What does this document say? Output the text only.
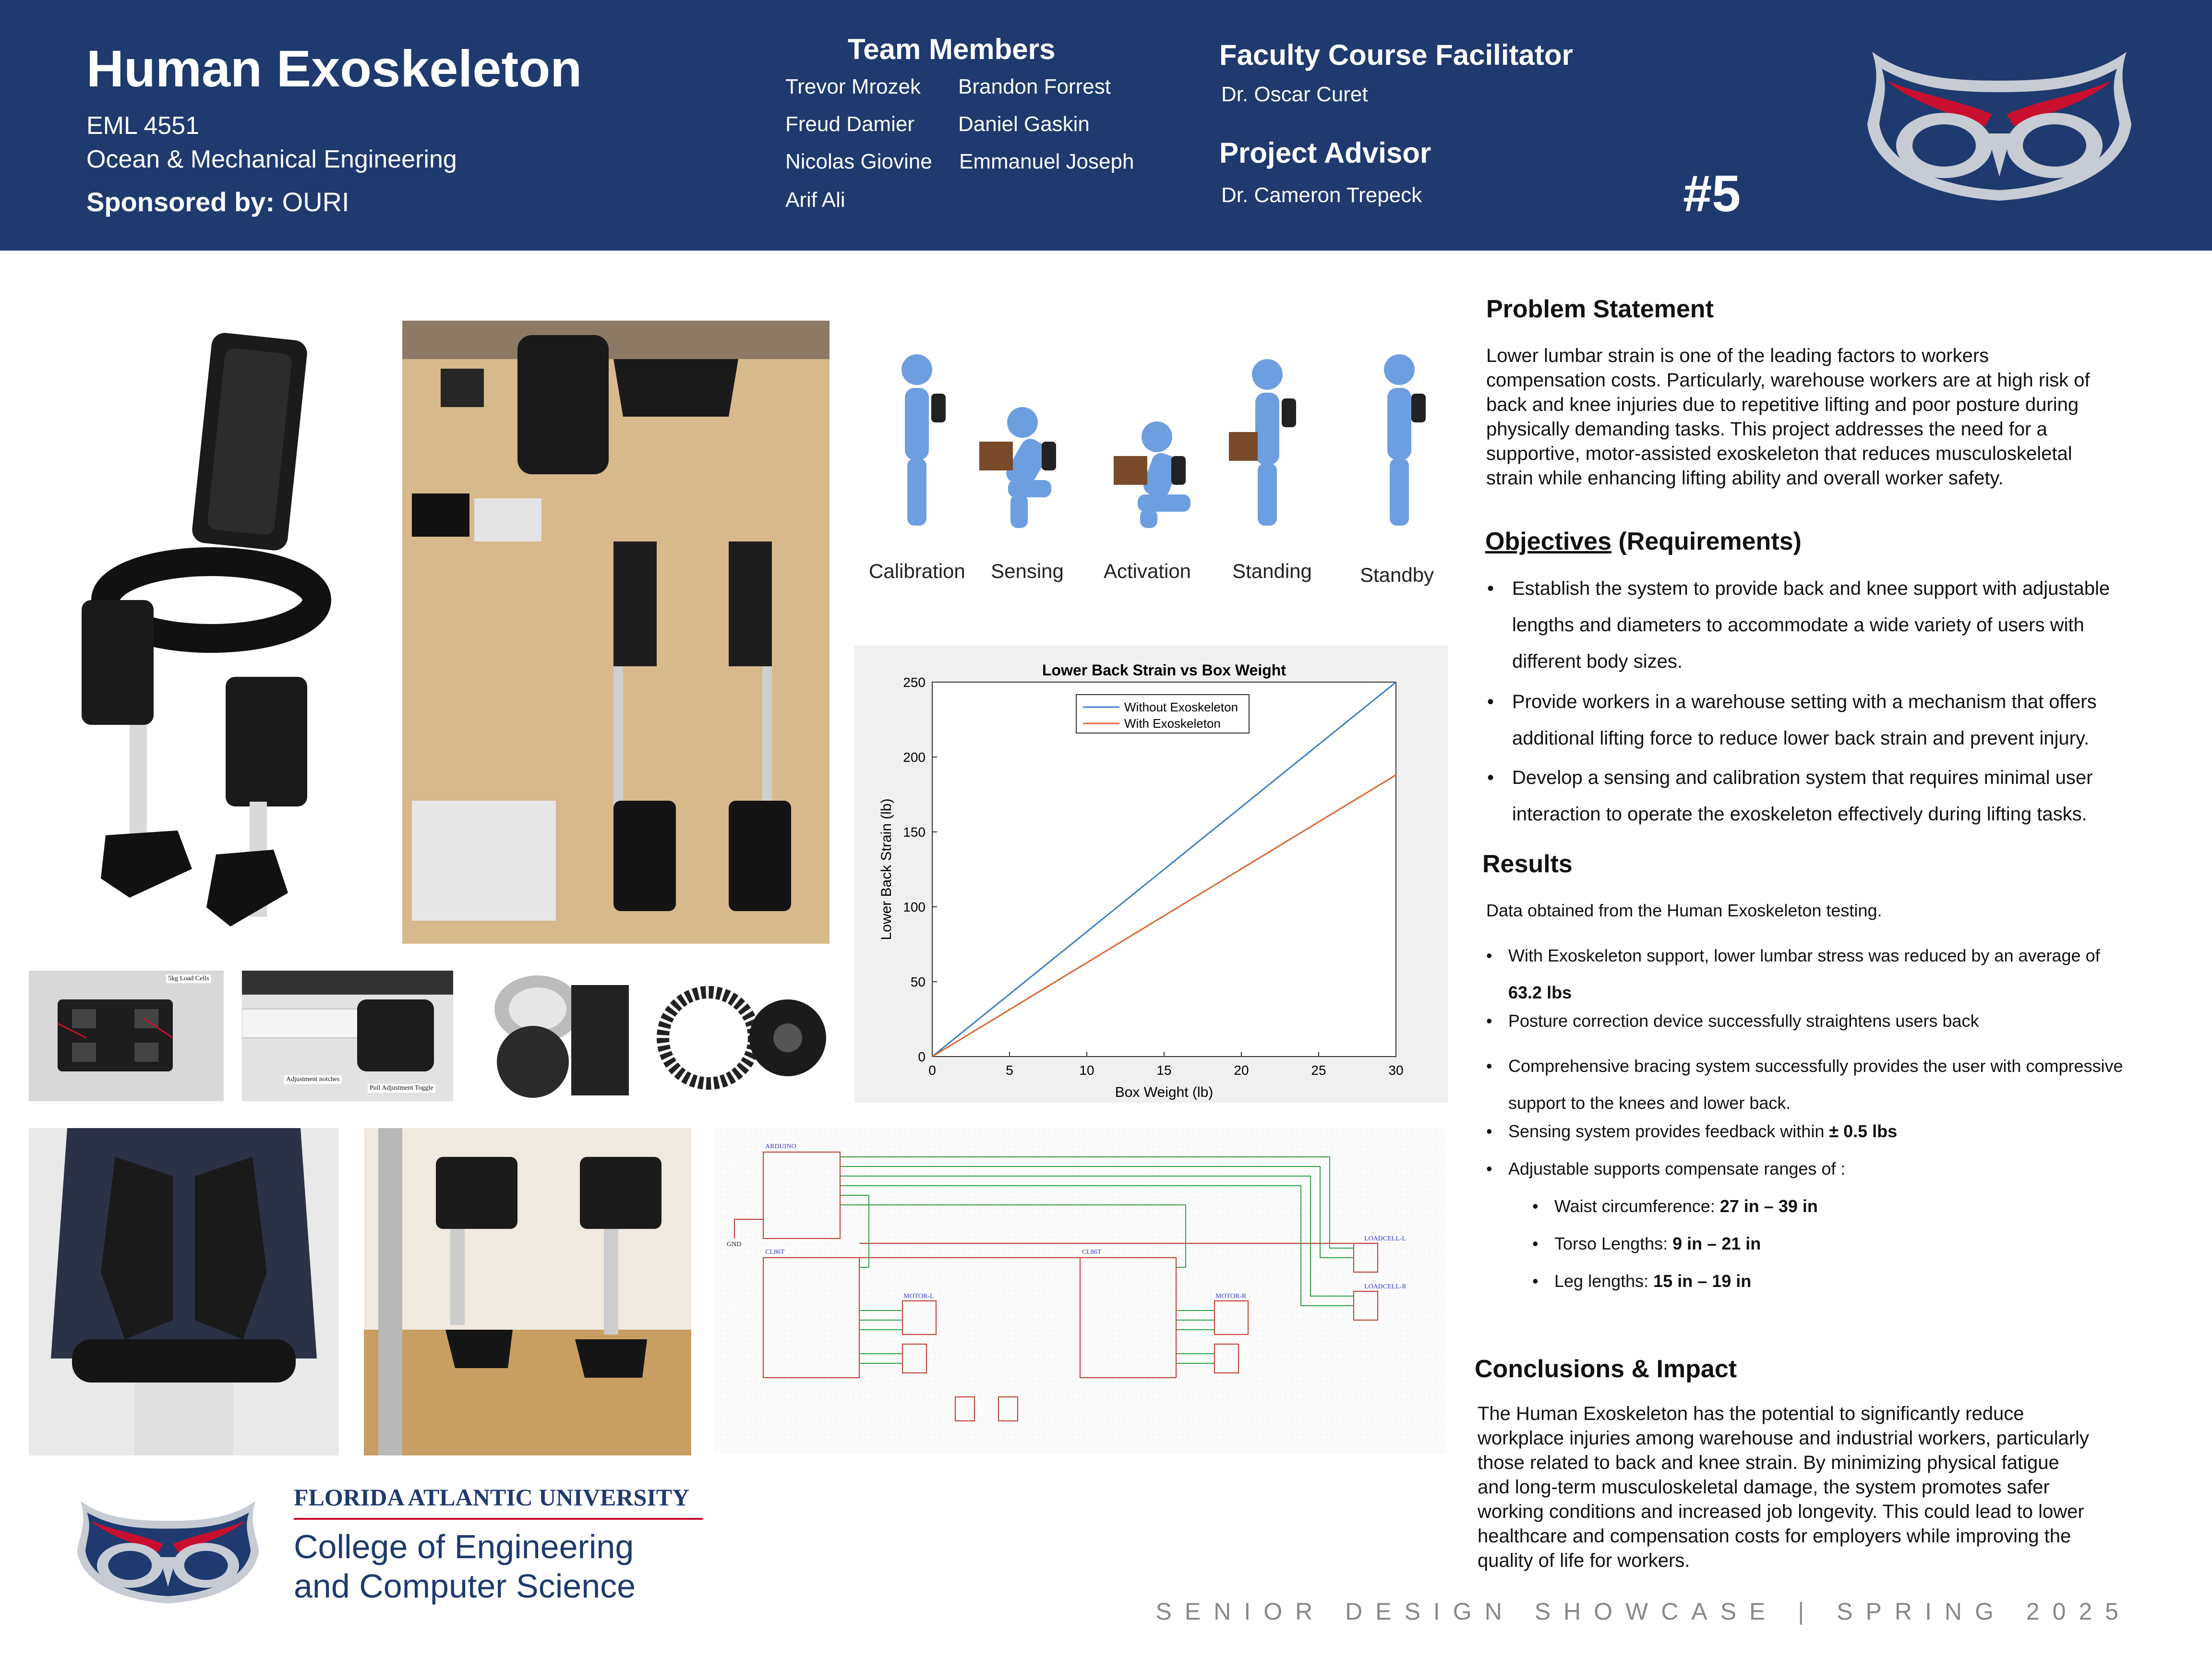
Human Exoskeleton
EML 4551
Ocean & Mechanical Engineering
Sponsored by: OURI
Team Members
Trevor Mrozek Brandon Forrest
Freud Damier Daniel Gaskin
Nicolas Giovine Emmanuel Joseph
Arif Ali
Faculty Course Facilitator
Dr. Oscar Curet
Project Advisor
Dr. Cameron Trepeck	#5
Calibration	Sensing	Activation	Standing	Standby
Lower Back Strain vs Box Weight
Box Weight (lb)
Lower Back Strain (lb)
0	5	10	15	20	25	30
0
50
100
150
200
250
Without Exoskeleton
With Exoskeleton
5kg Load Cells
Adjustment notches
Pull Adjustment Toggle
ARDUINO
CL86T	CL86T
MOTOR-L	MOTOR-R
LOADCELL-L
LOADCELL-R
GND
FLORIDA ATLANTIC UNIVERSITY
College of Engineering
and Computer Science
Problem Statement
Lower lumbar strain is one of the leading factors to workers
compensation costs. Particularly, warehouse workers are at high risk of
back and knee injuries due to repetitive lifting and poor posture during
physically demanding tasks. This project addresses the need for a
supportive, motor-assisted exoskeleton that reduces musculoskeletal
strain while enhancing lifting ability and overall worker safety.
Objectives (Requirements)
• Establish the system to provide back and knee support with adjustable
lengths and diameters to accommodate a wide variety of users with
different body sizes.
• Provide workers in a warehouse setting with a mechanism that offers
additional lifting force to reduce lower back strain and prevent injury.
• Develop a sensing and calibration system that requires minimal user
interaction to operate the exoskeleton effectively during lifting tasks.
Results
Data obtained from the Human Exoskeleton testing.
• With Exoskeleton support, lower lumbar stress was reduced by an average of
63.2 lbs
• Posture correction device successfully straightens users back
• Comprehensive bracing system successfully provides the user with compressive
support to the knees and lower back.
• Sensing system provides feedback within ± 0.5 lbs
• Adjustable supports compensate ranges of :
• Waist circumference: 27 in – 39 in
• Torso Lengths: 9 in – 21 in
• Leg lengths: 15 in – 19 in
Conclusions & Impact
The Human Exoskeleton has the potential to significantly reduce
workplace injuries among warehouse and industrial workers, particularly
those related to back and knee strain. By minimizing physical fatigue
and long-term musculoskeletal damage, the system promotes safer
working conditions and increased job longevity. This could lead to lower
healthcare and compensation costs for employers while improving the
quality of life for workers.
SENIOR DESIGN SHOWCASE | SPRING 2025
